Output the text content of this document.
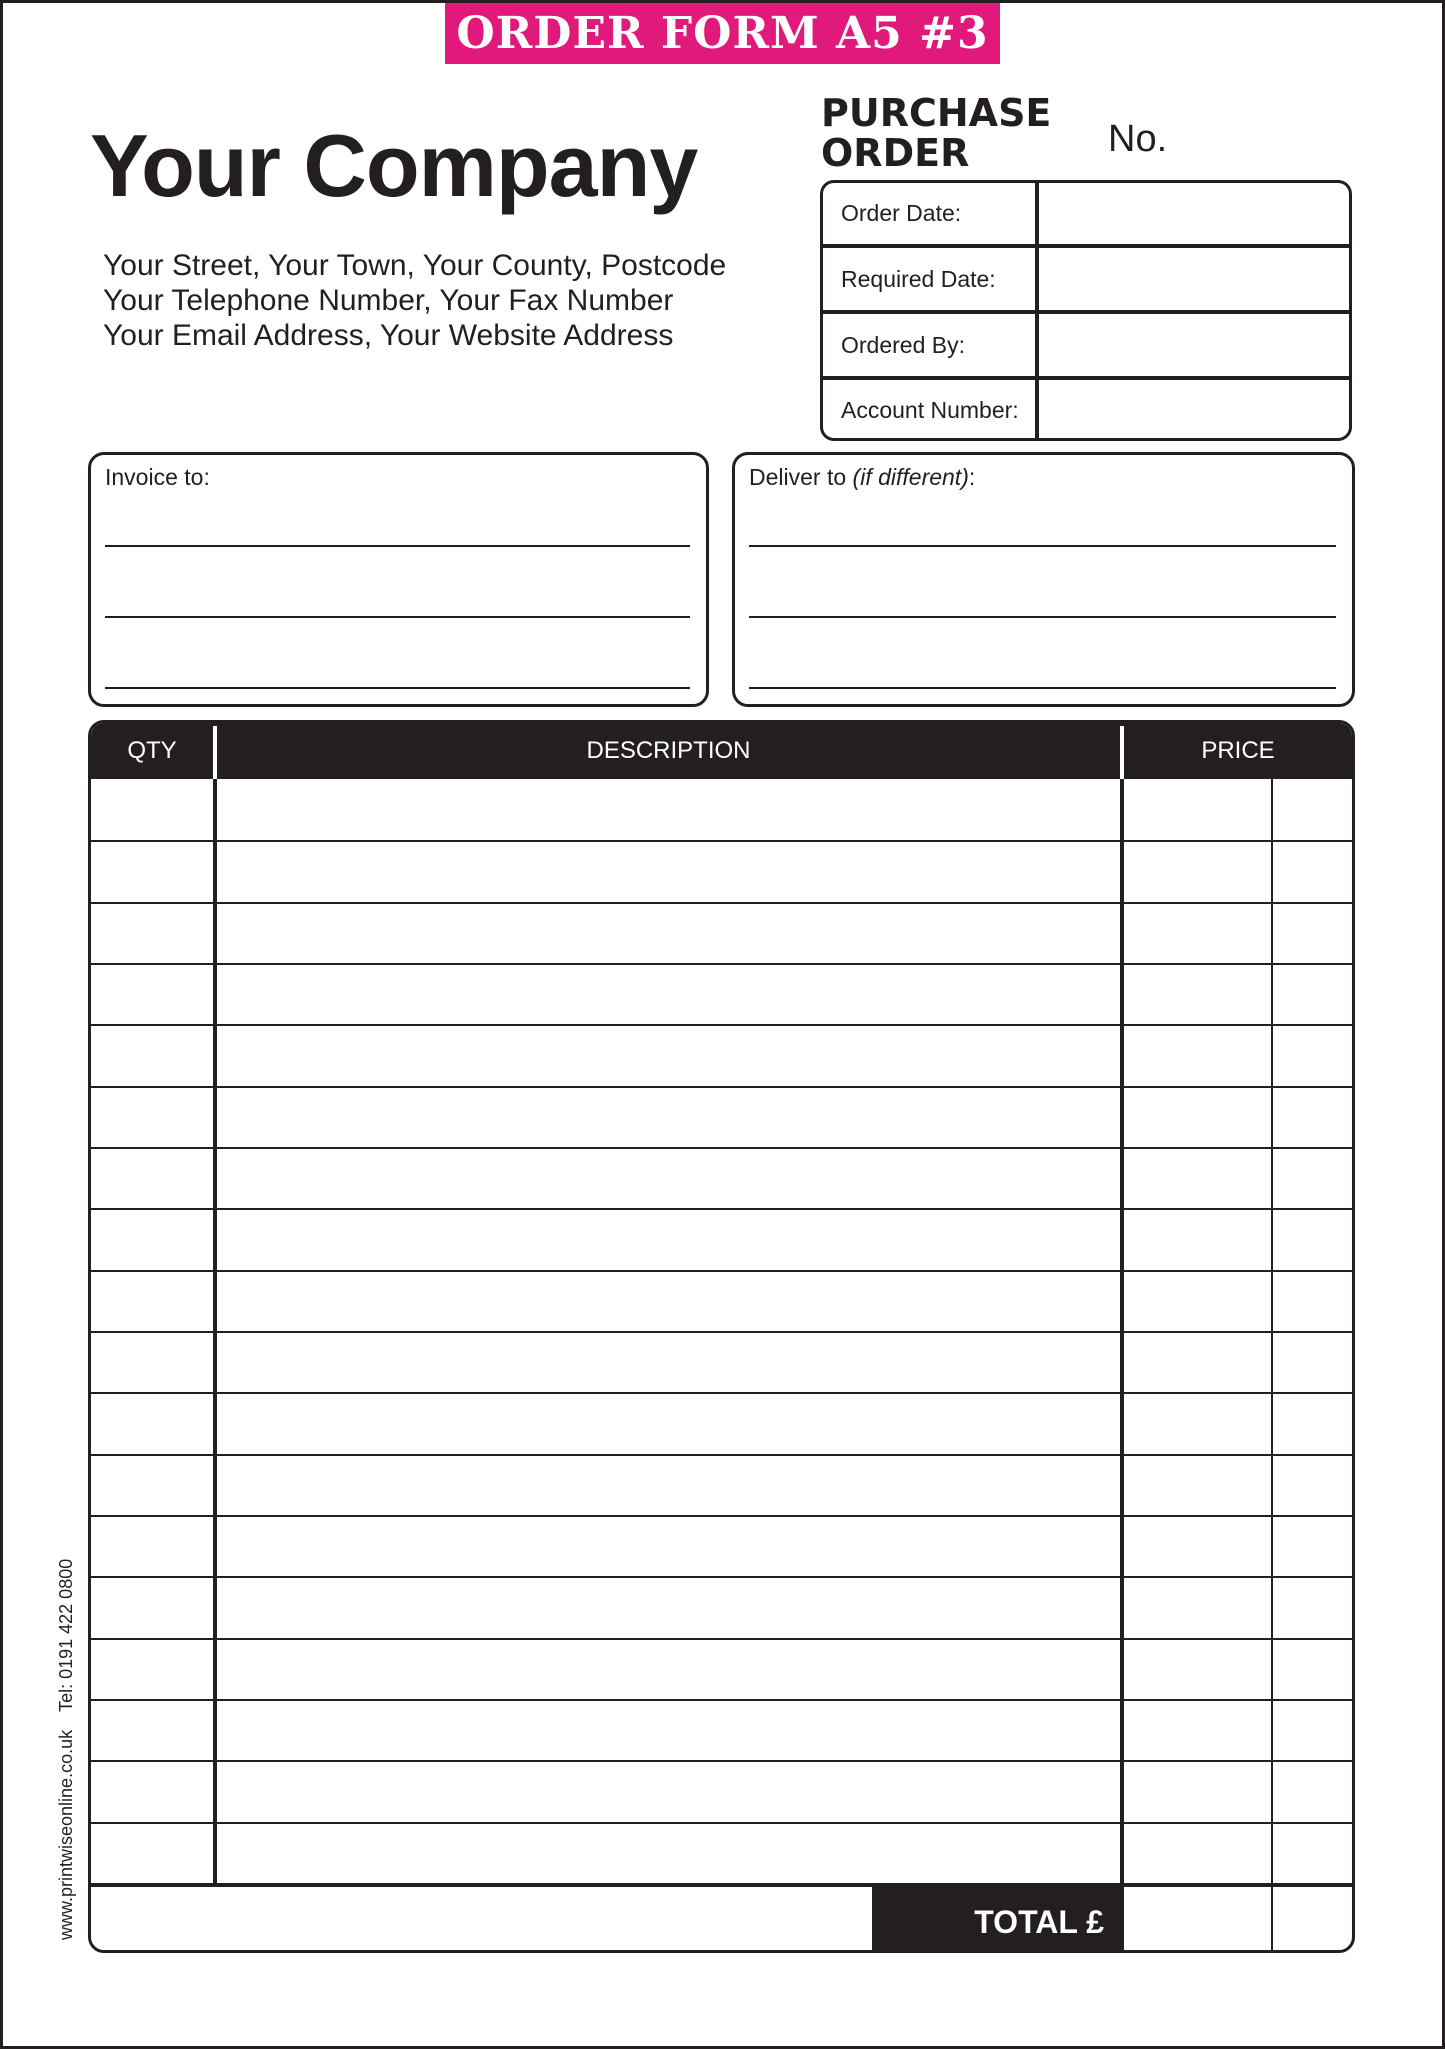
ORDER FORM A5 #3
Your Company
Your Street, Your Town, Your County, Postcode
Your Telephone Number, Your Fax Number
Your Email Address, Your Website Address
PURCHASE
ORDER	No.
Order Date:
Required Date:
Ordered By:
Account Number:
Invoice to:	Deliver to (if different):
QTY	DESCRIPTION	PRICE
TOTAL £
www.printwiseonline.co.ukTel: 0191 422 0800
